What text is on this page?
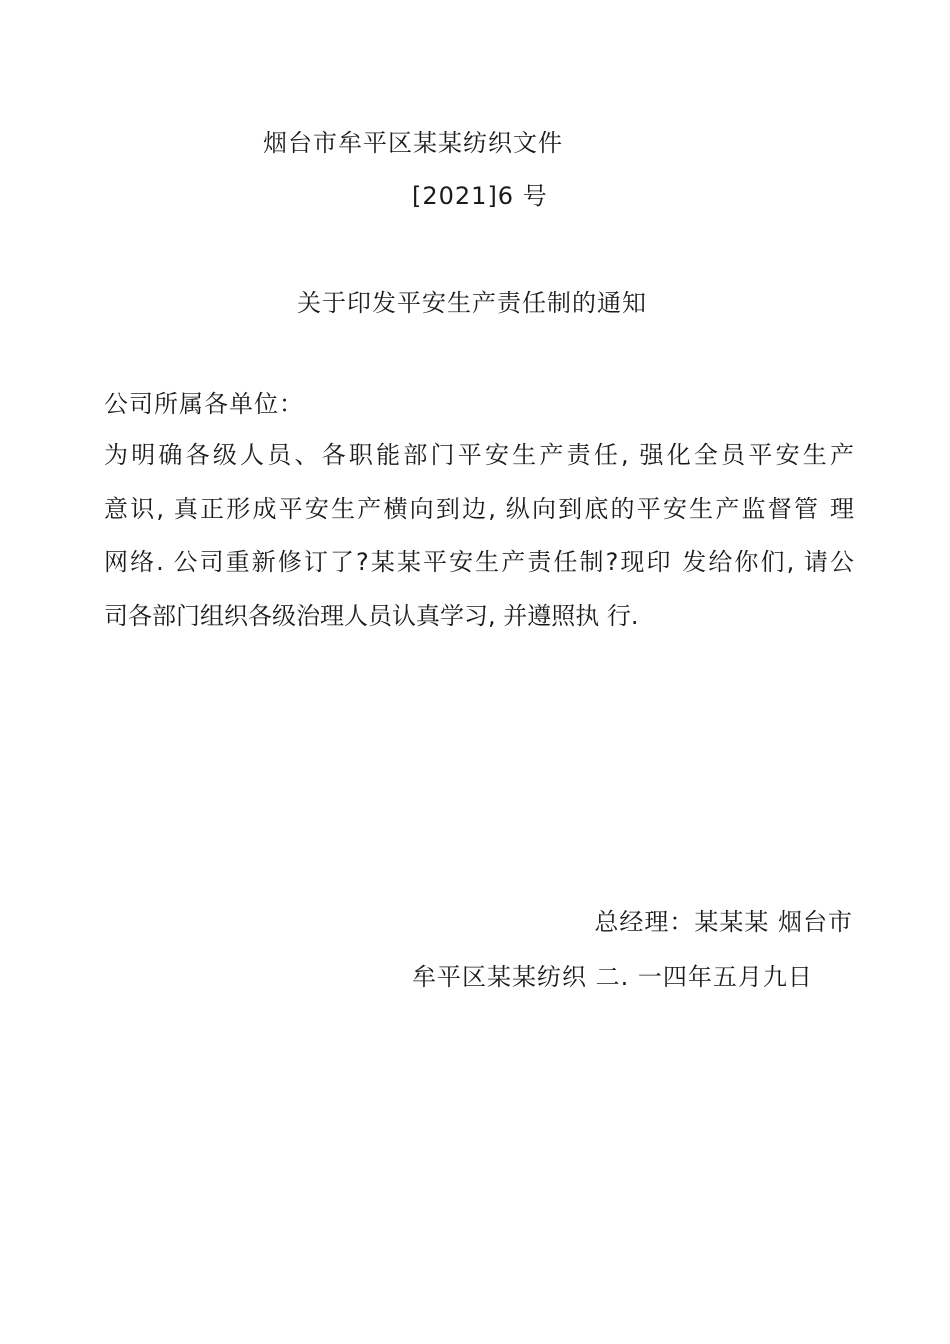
烟台市牟平区某某纺织文件
[2021]6 号
关于印发平安生产责任制的通知
公司所属各单位：
为明确各级人员、各职能部门平安生产责任, 强化全员平安生产
意识, 真正形成平安生产横向到边, 纵向到底的平安生产监督管 理
网络. 公司重新修订了?某某平安生产责任制?现印 发给你们, 请公
司各部门组织各级治理人员认真学习, 并遵照执 行.
总经理：某某某 烟台市
牟平区某某纺织 二. 一四年五月九日
